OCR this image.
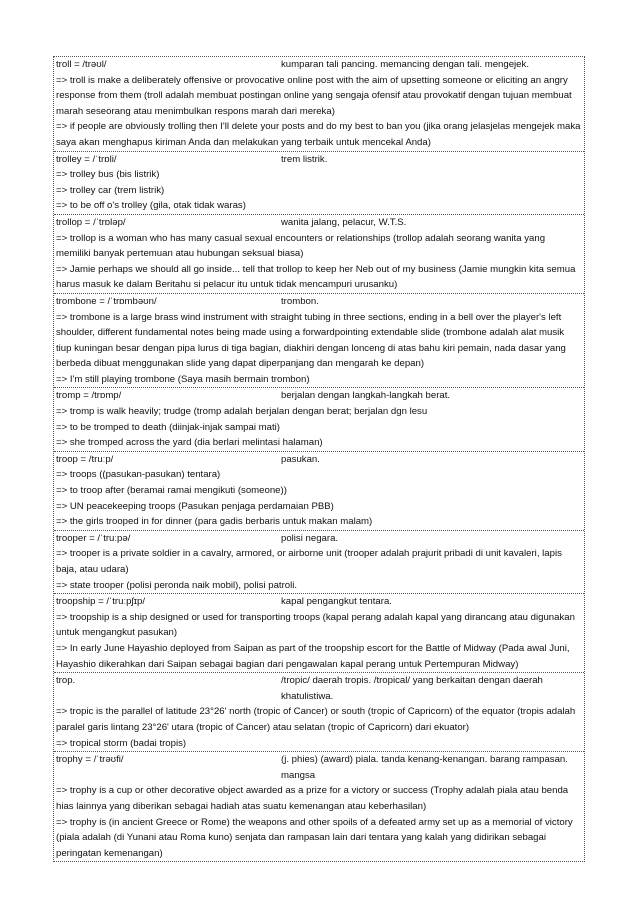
troll = /trəʊl/	kumparan tali pancing. memancing dengan tali. mengejek.
=> troll is make a deliberately offensive or provocative online post with the aim of upsetting someone or eliciting an angry response from them (troll adalah membuat postingan online yang sengaja ofensif atau provokatif dengan tujuan membuat marah seseorang atau menimbulkan respons marah dari mereka)
=> if people are obviously trolling then I'll delete your posts and do my best to ban you (jika orang jelasjelas mengejek maka saya akan menghapus kiriman Anda dan melakukan yang terbaik untuk mencekal Anda)
trolley = /ˈtrɒli/	trem listrik.
=> trolley bus (bis listrik)
=> trolley car (trem listrik)
=> to be off o's trolley (gila, otak tidak waras)
trollop = /ˈtrɒləp/	wanita jalang, pelacur, W.T.S.
=> trollop is a woman who has many casual sexual encounters or relationships (trollop adalah seorang wanita yang memiliki banyak pertemuan atau hubungan seksual biasa)
=> Jamie perhaps we should all go inside... tell that trollop to keep her Neb out of my business (Jamie mungkin kita semua harus masuk ke dalam Beritahu si pelacur itu untuk tidak mencampuri urusanku)
trombone = /ˈtrɒmbəʊn/	trombon.
=> trombone is a large brass wind instrument with straight tubing in three sections, ending in a bell over the player's left shoulder, different fundamental notes being made using a forwardpointing extendable slide (trombone adalah alat musik tiup kuningan besar dengan pipa lurus di tiga bagian, diakhiri dengan lonceng di atas bahu kiri pemain, nada dasar yang berbeda dibuat menggunakan slide yang dapat diperpanjang dan mengarah ke depan)
=> I'm still playing trombone (Saya masih bermain trombon)
tromp = /trɒmp/	berjalan dengan langkah-langkah berat.
=> tromp is walk heavily; trudge (tromp adalah berjalan dengan berat; berjalan dgn lesu
=> to be tromped to death (diinjak-injak sampai mati)
=> she tromped across the yard (dia berlari melintasi halaman)
troop = /truːp/	pasukan.
=> troops ((pasukan-pasukan) tentara)
=> to troop after (beramai ramai mengikuti (someone))
=> UN peacekeeping troops (Pasukan penjaga perdamaian PBB)
=> the girls trooped in for dinner (para gadis berbaris untuk makan malam)
trooper = /ˈtruːpə/	polisi negara.
=> trooper is a private soldier in a cavalry, armored, or airborne unit (trooper adalah prajurit pribadi di unit kavaleri, lapis baja, atau udara)
=> state trooper (polisi peronda naik mobil), polisi patroli.
troopship = /ˈtruːpʃɪp/	kapal pengangkut tentara.
=> troopship is a ship designed or used for transporting troops (kapal perang adalah kapal yang dirancang atau digunakan untuk mengangkut pasukan)
=> In early June Hayashio deployed from Saipan as part of the troopship escort for the Battle of Midway (Pada awal Juni, Hayashio dikerahkan dari Saipan sebagai bagian dari pengawalan kapal perang untuk Pertempuran Midway)
trop.	/tropic/ daerah tropis. /tropical/ yang berkaitan dengan daerah khatulistiwa.
=> tropic is the parallel of latitude 23°26ʹ north (tropic of Cancer) or south (tropic of Capricorn) of the equator (tropis adalah paralel garis lintang 23°26ʹ utara (tropic of Cancer) atau selatan (tropic of Capricorn) dari ekuator)
=> tropical storm (badai tropis)
trophy = /ˈtrəʊfi/	(j. phies) (award) piala. tanda kenang-kenangan. barang rampasan. mangsa
=> trophy is a cup or other decorative object awarded as a prize for a victory or success (Trophy adalah piala atau benda hias lainnya yang diberikan sebagai hadiah atas suatu kemenangan atau keberhasilan)
=> trophy is (in ancient Greece or Rome) the weapons and other spoils of a defeated army set up as a memorial of victory (piala adalah (di Yunani atau Roma kuno) senjata dan rampasan lain dari tentara yang kalah yang didirikan sebagai peringatan kemenangan)
